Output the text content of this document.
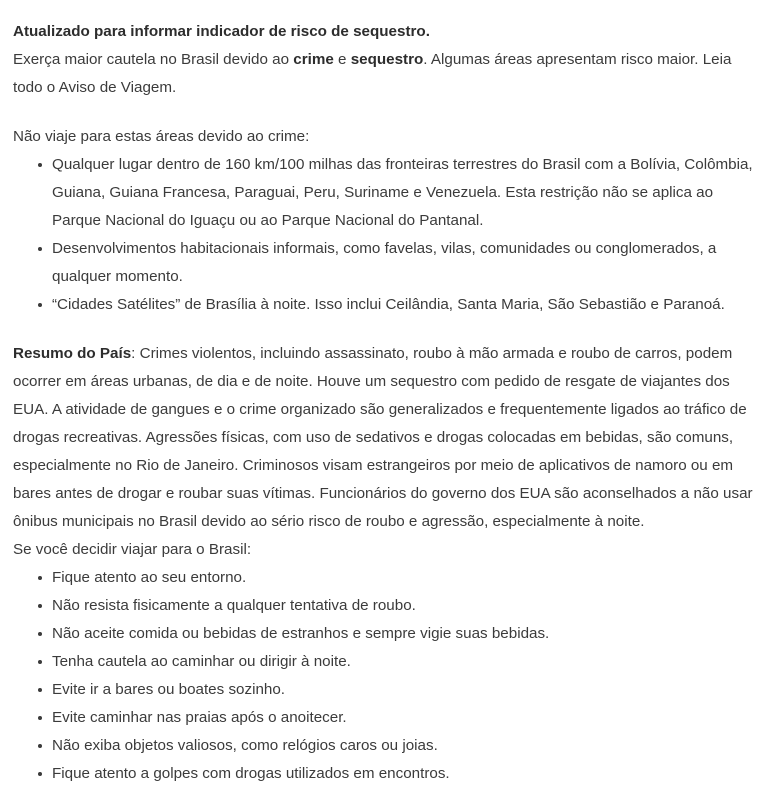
Atualizado para informar indicador de risco de sequestro.

Exerça maior cautela no Brasil devido ao crime e sequestro. Algumas áreas apresentam risco maior. Leia todo o Aviso de Viagem.

Não viaje para estas áreas devido ao crime:

Qualquer lugar dentro de 160 km/100 milhas das fronteiras terrestres do Brasil com a Bolívia, Colômbia, Guiana, Guiana Francesa, Paraguai, Peru, Suriname e Venezuela. Esta restrição não se aplica ao Parque Nacional do Iguaçu ou ao Parque Nacional do Pantanal.
Desenvolvimentos habitacionais informais, como favelas, vilas, comunidades ou conglomerados, a qualquer momento.
“Cidades Satélites” de Brasília à noite. Isso inclui Ceilândia, Santa Maria, São Sebastião e Paranoá.

Resumo do País: Crimes violentos, incluindo assassinato, roubo à mão armada e roubo de carros, podem ocorrer em áreas urbanas, de dia e de noite. Houve um sequestro com pedido de resgate de viajantes dos EUA. A atividade de gangues e o crime organizado são generalizados e frequentemente ligados ao tráfico de drogas recreativas. Agressões físicas, com uso de sedativos e drogas colocadas em bebidas, são comuns, especialmente no Rio de Janeiro. Criminosos visam estrangeiros por meio de aplicativos de namoro ou em bares antes de drogar e roubar suas vítimas. Funcionários do governo dos EUA são aconselhados a não usar ônibus municipais no Brasil devido ao sério risco de roubo e agressão, especialmente à noite.

Se você decidir viajar para o Brasil:

Fique atento ao seu entorno.
Não resista fisicamente a qualquer tentativa de roubo.
Não aceite comida ou bebidas de estranhos e sempre vigie suas bebidas.
Tenha cautela ao caminhar ou dirigir à noite.
Evite ir a bares ou boates sozinho.
Evite caminhar nas praias após o anoitecer.
Não exiba objetos valiosos, como relógios caros ou joias.
Fique atento a golpes com drogas utilizados em encontros.
